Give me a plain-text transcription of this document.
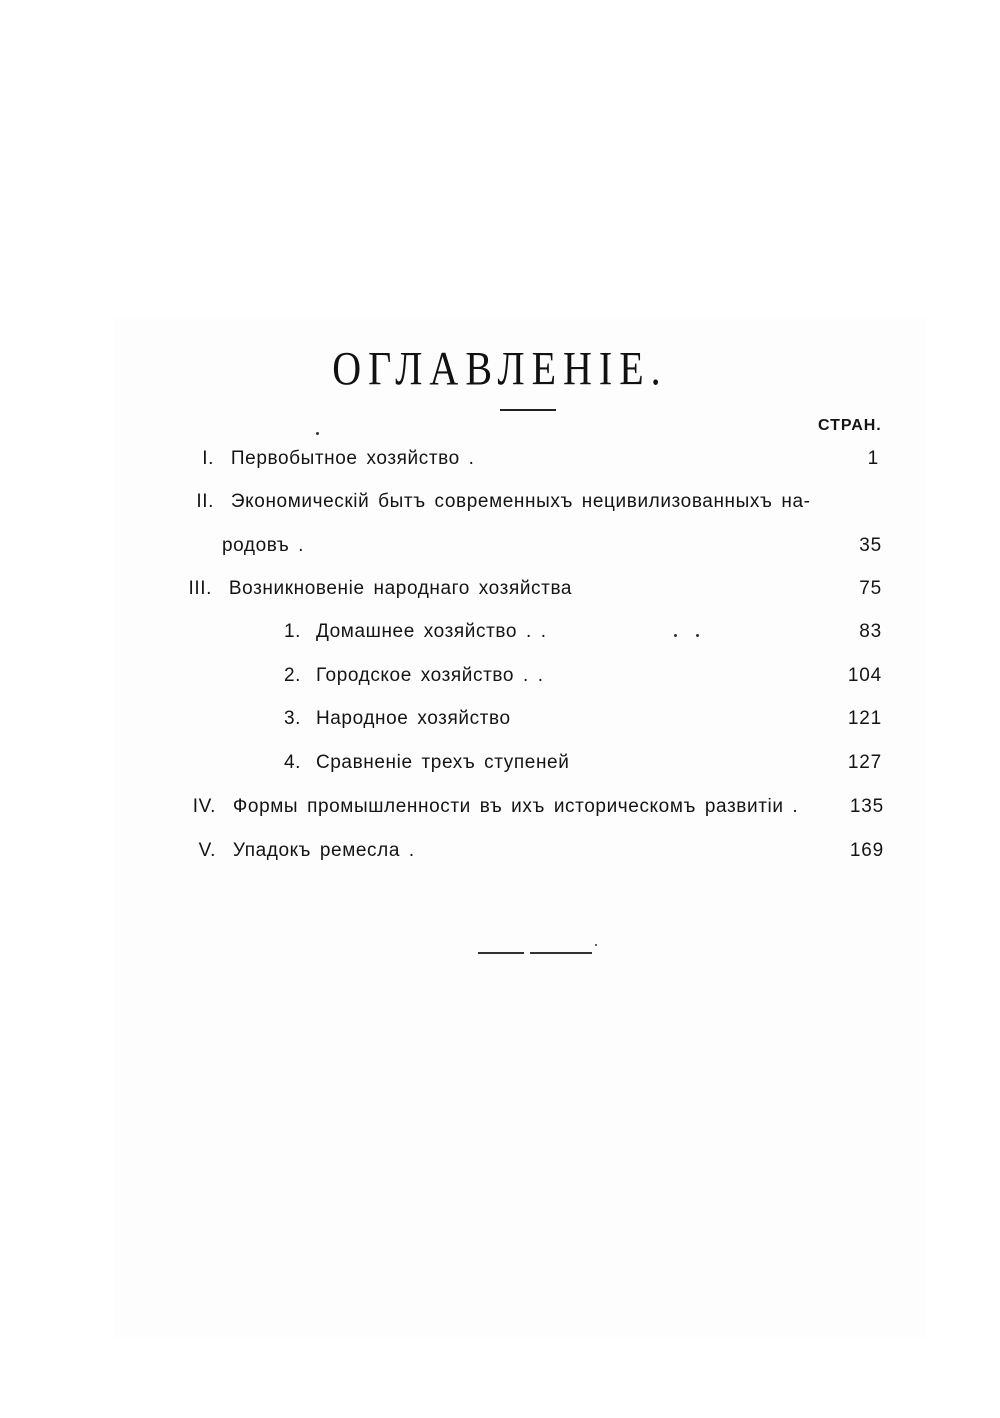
ОГЛАВЛЕНІЕ.
СТРАН.
I. Первобытное хозяйство .	1
II. Экономическій бытъ современныхъ нецивилизованныхъ на-
родовъ .	35
III. Возникновеніе народнаго хозяйства	75
1. Домашнее хозяйство . .	83
2. Городское хозяйство . .	104
3. Народное хозяйство	121
4. Сравненіе трехъ ступеней	127
IV. Формы промышленности въ ихъ историческомъ развитіи .	135
V. Упадокъ ремесла .	169
